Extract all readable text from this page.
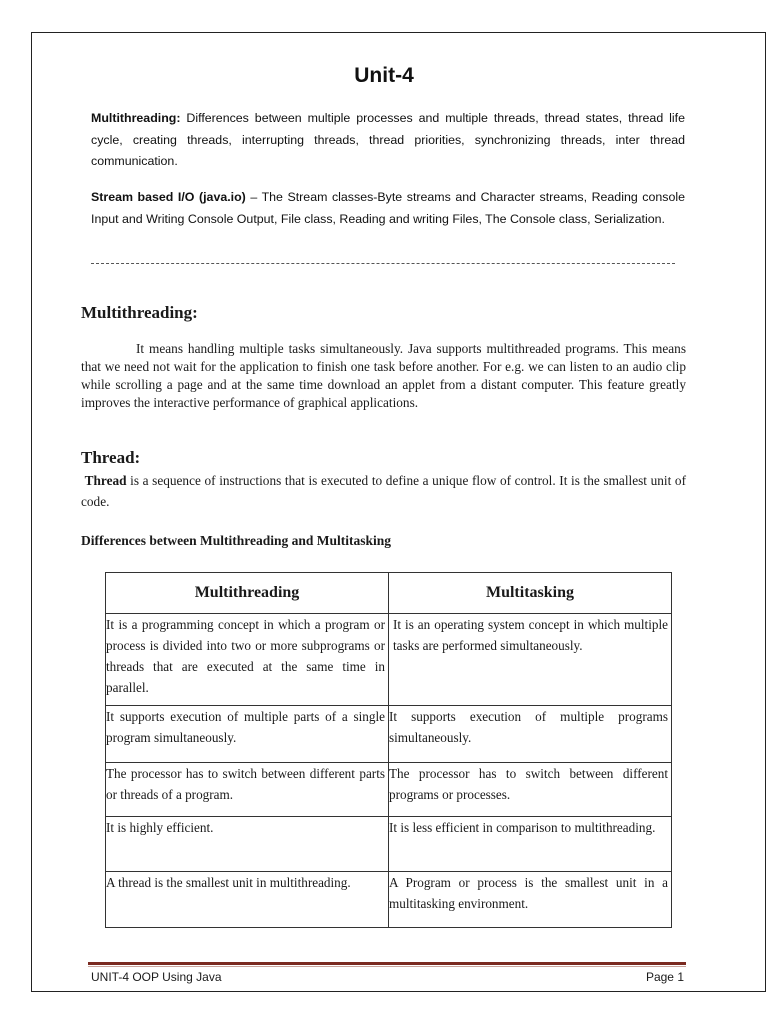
Unit-4
Multithreading: Differences between multiple processes and multiple threads, thread states, thread life cycle, creating threads, interrupting threads, thread priorities, synchronizing threads, inter thread communication.
Stream based I/O (java.io) – The Stream classes-Byte streams and Character streams, Reading console Input and Writing Console Output, File class, Reading and writing Files, The Console class, Serialization.
Multithreading:
It means handling multiple tasks simultaneously. Java supports multithreaded programs. This means that we need not wait for the application to finish one task before another. For e.g. we can listen to an audio clip while scrolling a page and at the same time download an applet from a distant computer. This feature greatly improves the interactive performance of graphical applications.
Thread:
Thread is a sequence of instructions that is executed to define a unique flow of control. It is the smallest unit of code.
Differences between Multithreading and Multitasking
Multithreading	Multitasking
It is a programming concept in which a program or process is divided into two or more subprograms or threads that are executed at the same time in parallel.	It is an operating system concept in which multiple tasks are performed simultaneously.
It supports execution of multiple parts of a single program simultaneously.	It supports execution of multiple programs simultaneously.
The processor has to switch between different parts or threads of a program.	The processor has to switch between different programs or processes.
It is highly efficient.	It is less efficient in comparison to multithreading.
A thread is the smallest unit in multithreading.	A Program or process is the smallest unit in a multitasking environment.
UNIT-4 OOP Using Java	Page 1
